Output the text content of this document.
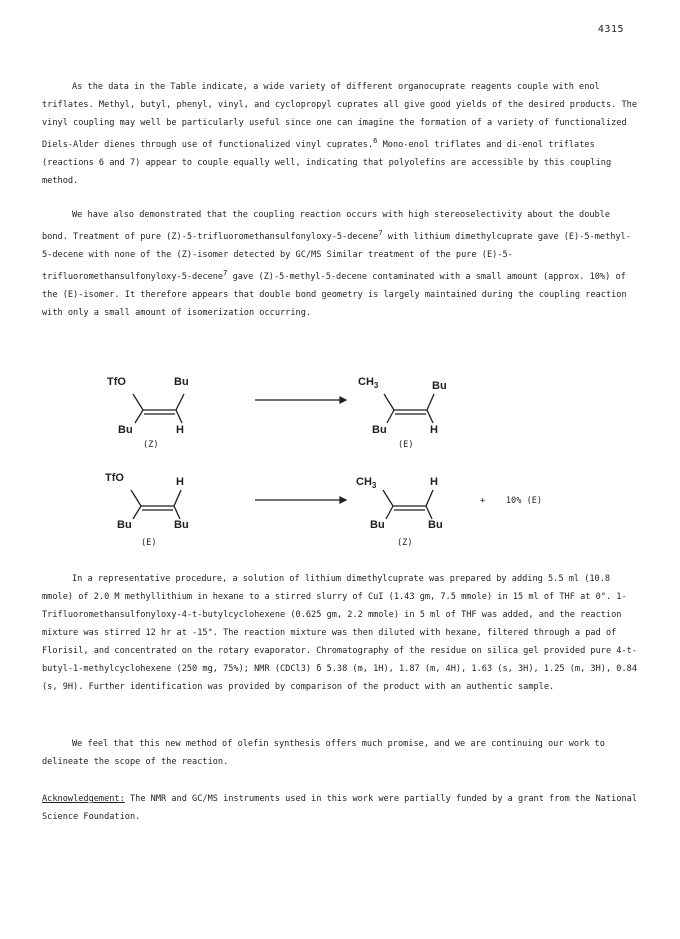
4315

As the data in the Table indicate, a wide variety of different organocuprate reagents couple with enol triflates. Methyl, butyl, phenyl, vinyl, and cyclopropyl cuprates all give good yields of the desired products. The vinyl coupling may well be particularly useful since one can imagine the formation of a variety of functionalized Diels-Alder dienes through use of functionalized vinyl cuprates.$^6$ Mono-enol triflates and di-enol triflates (reactions 6 and 7) appear to couple equally well, indicating that polyolefins are accessible by this coupling method.

We have also demonstrated that the coupling reaction occurs with high stereoselectivity about the double bond. Treatment of pure (Z)-5-trifluoromethansulfonyloxy-5-decene$^7$ with lithium dimethylcuprate gave (E)-5-methyl-5-decene with none of the (Z)-isomer detected by GC/MS Similar treatment of the pure (E)-5-trifluoromethansulfonyloxy-5-decene$^7$ gave (Z)-5-methyl-5-decene contaminated with a small amount (approx. 10%) of the (E)-isomer. It therefore appears that double bond geometry is largely maintained during the coupling reaction with only a small amount of isomerization occurring.

TfO	Bu
Bu	H
(Z)
$CH_3$	Bu
Bu	H
(E)
TfO	H
Bu	Bu
(E)
$CH_3$	H
Bu	Bu
(Z)
+    10% (E)

In a representative procedure, a solution of lithium dimethylcuprate was prepared by adding 5.5 ml (10.8 mmole) of 2.0 M methyllithium in hexane to a stirred slurry of CuI (1.43 gm, 7.5 mmole) in 15 ml of THF at 0°. 1-Trifluoromethansulfonyloxy-4-t-butylcyclohexene (0.625 gm, 2.2 mmole) in 5 ml of THF was added, and the reaction mixture was stirred 12 hr at -15°. The reaction mixture was then diluted with hexane, filtered through a pad of Florisil, and concentrated on the rotary evaporator. Chromatography of the residue on silica gel provided pure 4-t-butyl-1-methylcyclohexene (250 mg, 75%); NMR (CDCl3) δ 5.38 (m, 1H), 1.87 (m, 4H), 1.63 (s, 3H), 1.25 (m, 3H), 0.84 (s, 9H). Further identification was provided by comparison of the product with an authentic sample.

We feel that this new method of olefin synthesis offers much promise, and we are continuing our work to delineate the scope of the reaction.

Acknowledgement: The NMR and GC/MS instruments used in this work were partially funded by a grant from the National Science Foundation.
